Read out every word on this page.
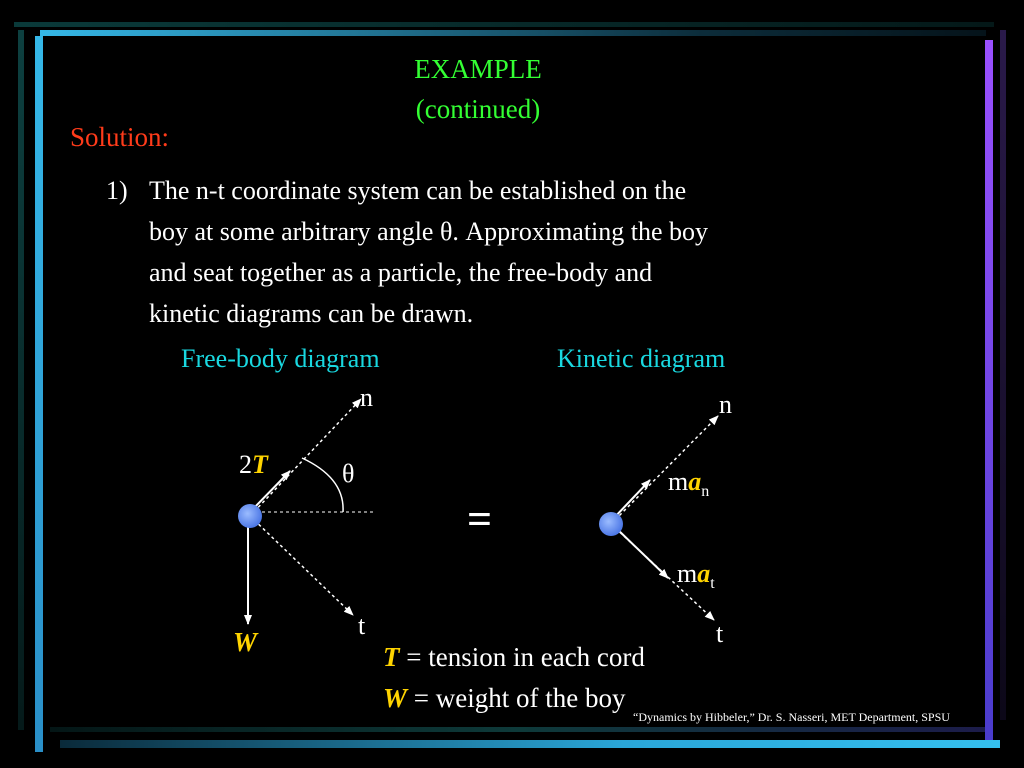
EXAMPLE
(continued)
Solution:
1) The n-t coordinate system can be established on the
boy at some arbitrary angle θ. Approximating the boy
and seat together as a particle, the free-body and
kinetic diagrams can be drawn.
Free-body diagram	Kinetic diagram
n
t
θ
2T
W
=
n
t
$ma_n$
$ma_t$
T = tension in each cord
W = weight of the boy
“Dynamics by Hibbeler,” Dr. S. Nasseri, MET Department, SPSU
